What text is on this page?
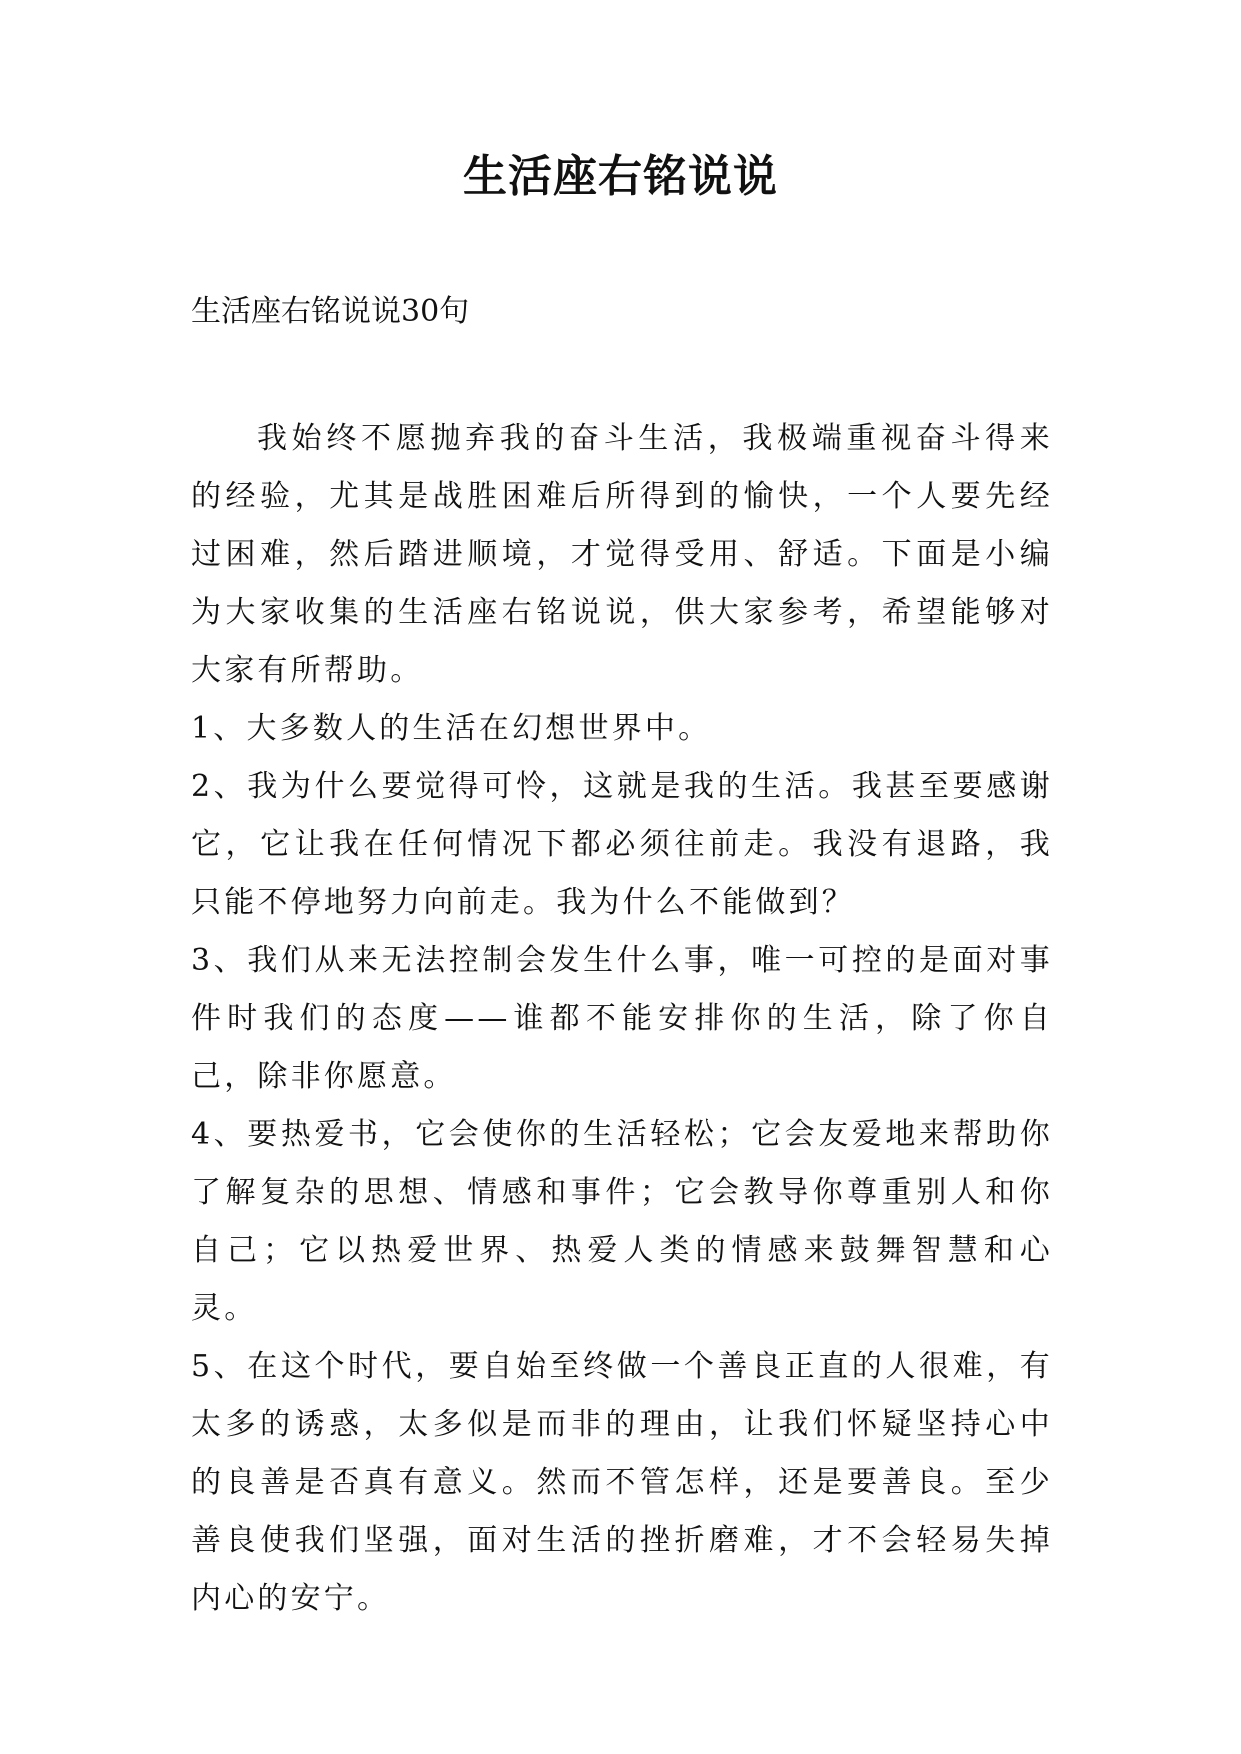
生活座右铭说说

生活座右铭说说30句

我始终不愿抛弃我的奋斗生活，我极端重视奋斗得来的经验，尤其是战胜困难后所得到的愉快，一个人要先经过困难，然后踏进顺境，才觉得受用、舒适。下面是小编为大家收集的生活座右铭说说，供大家参考，希望能够对大家有所帮助。

1、大多数人的生活在幻想世界中。

2、我为什么要觉得可怜，这就是我的生活。我甚至要感谢它，它让我在任何情况下都必须往前走。我没有退路，我只能不停地努力向前走。我为什么不能做到？

3、我们从来无法控制会发生什么事，唯一可控的是面对事件时我们的态度——谁都不能安排你的生活，除了你自己，除非你愿意。

4、要热爱书，它会使你的生活轻松；它会友爱地来帮助你了解复杂的思想、情感和事件；它会教导你尊重别人和你自己；它以热爱世界、热爱人类的情感来鼓舞智慧和心灵。

5、在这个时代，要自始至终做一个善良正直的人很难，有太多的诱惑，太多似是而非的理由，让我们怀疑坚持心中的良善是否真有意义。然而不管怎样，还是要善良。至少善良使我们坚强，面对生活的挫折磨难，才不会轻易失掉内心的安宁。
